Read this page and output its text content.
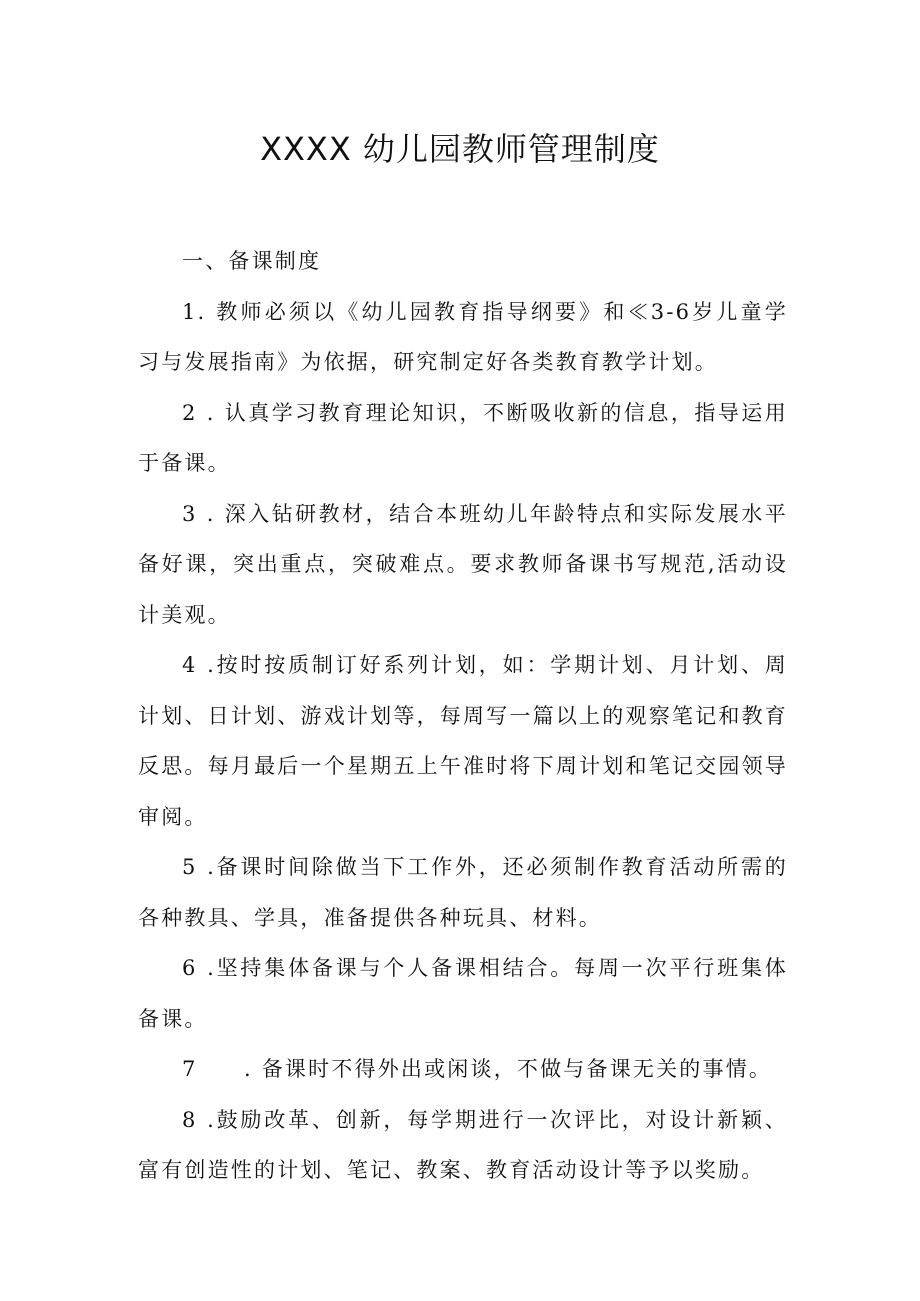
XXXX 幼儿园教师管理制度
一、备课制度

1. 教师必须以《幼儿园教育指导纲要》和≪3-6岁儿童学习与发展指南》为依据，研究制定好各类教育教学计划。

2 . 认真学习教育理论知识，不断吸收新的信息，指导运用于备课。

3 . 深入钻研教材，结合本班幼儿年龄特点和实际发展水平备好课，突出重点，突破难点。要求教师备课书写规范,活动设计美观。

4 .按时按质制订好系列计划，如：学期计划、月计划、周计划、日计划、游戏计划等，每周写一篇以上的观察笔记和教育反思。每月最后一个星期五上午准时将下周计划和笔记交园领导审阅。

5 .备课时间除做当下工作外，还必须制作教育活动所需的各种教具、学具，准备提供各种玩具、材料。

6 .坚持集体备课与个人备课相结合。每周一次平行班集体备课。

7　　. 备课时不得外出或闲谈，不做与备课无关的事情。

8 .鼓励改革、创新，每学期进行一次评比，对设计新颖、富有创造性的计划、笔记、教案、教育活动设计等予以奖励。
